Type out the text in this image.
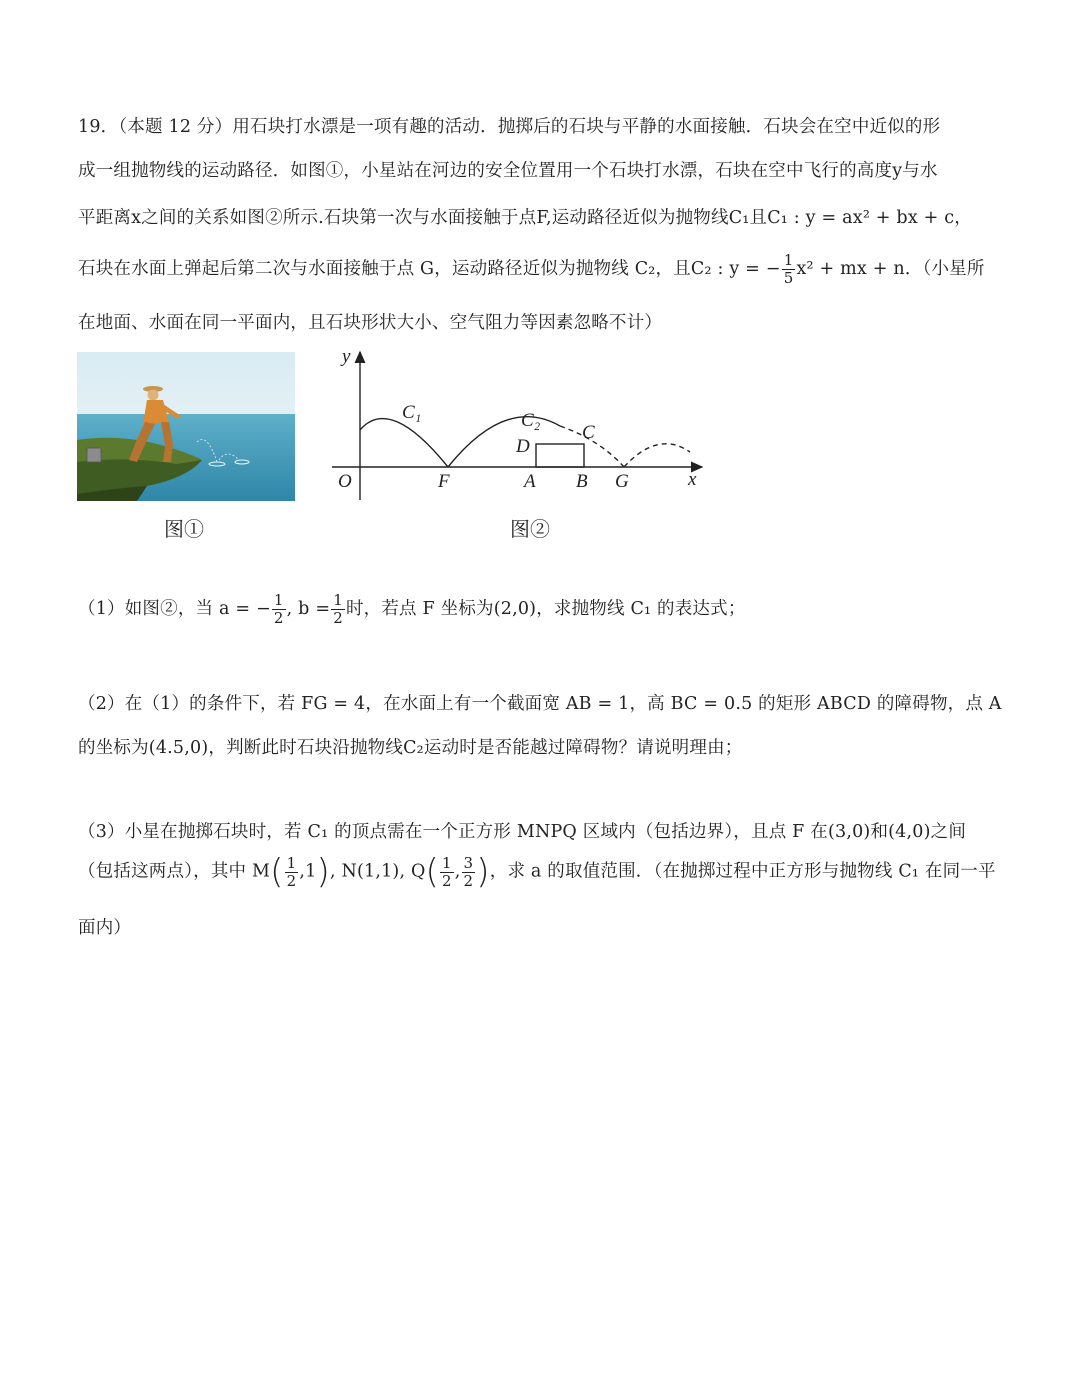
19．（本题 12 分）用石块打水漂是一项有趣的活动．抛掷后的石块与平静的水面接触．石块会在空中近似的形
成一组抛物线的运动路径．如图①，小星站在河边的安全位置用一个石块打水漂，石块在空中飞行的高度y与水
平距离x之间的关系如图②所示.石块第一次与水面接触于点F,运动路径近似为抛物线C₁且C₁ : y = ax² + bx + c，
石块在水面上弹起后第二次与水面接触于点 G，运动路径近似为抛物线 C₂，且C₂ : y = − $\frac{1}{5} x^2$ + mx + n．（小星所
在地面、水面在同一平面内，且石块形状大小、空气阻力等因素忽略不计）
图①
y
x
O	F	A B G
C
D
C₁	C₂
图②
（1）如图②，当 a = − $\frac{1}{2}$ , $b = \frac{1}{2}$ 时，若点 F 坐标为(2,0)，求抛物线 C₁ 的表达式；
（2）在（1）的条件下，若 FG = 4，在水面上有一个截面宽 AB = 1，高 BC = 0.5 的矩形 ABCD 的障碍物，点 A
的坐标为(4.5,0)，判断此时石块沿抛物线C₂运动时是否能越过障碍物？请说明理由；
（3）小星在抛掷石块时，若 C₁ 的顶点需在一个正方形 MNPQ 区域内（包括边界），且点 F 在(3,0)和(4,0)之间
（包括这两点），其中 $M( \frac{1}{2} ,1)$, N(1,1), $Q( \frac{1}{2}$ , $\frac{3}{2}$ )，求 a 的取值范围．（在抛掷过程中正方形与抛物线 C₁ 在同一平
面内）
